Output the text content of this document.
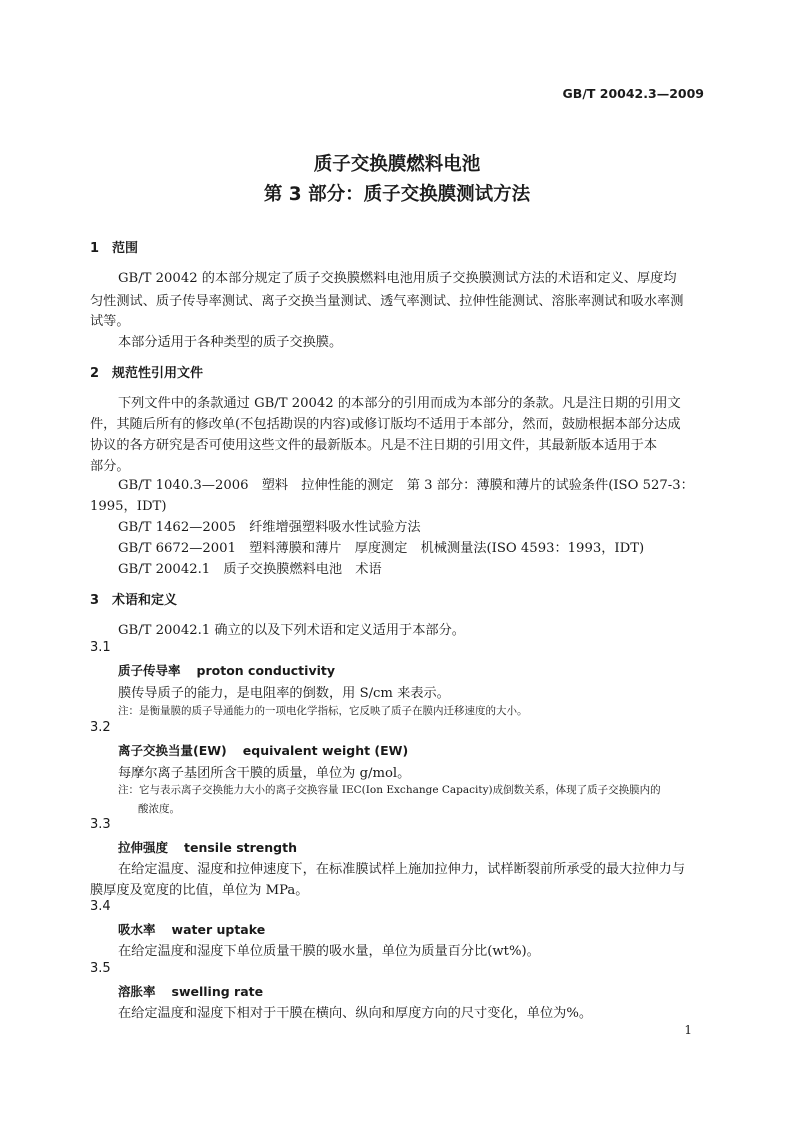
GB/T 20042.3—2009
质子交换膜燃料电池
第 3 部分：质子交换膜测试方法
1 范围
GB/T 20042 的本部分规定了质子交换膜燃料电池用质子交换膜测试方法的术语和定义、厚度均
匀性测试、质子传导率测试、离子交换当量测试、透气率测试、拉伸性能测试、溶胀率测试和吸水率测
试等。
本部分适用于各种类型的质子交换膜。
2 规范性引用文件
下列文件中的条款通过 GB/T 20042 的本部分的引用而成为本部分的条款。凡是注日期的引用文
件，其随后所有的修改单(不包括勘误的内容)或修订版均不适用于本部分，然而，鼓励根据本部分达成
协议的各方研究是否可使用这些文件的最新版本。凡是不注日期的引用文件，其最新版本适用于本
部分。
GB/T 1040.3—2006　塑料　拉伸性能的测定　第 3 部分：薄膜和薄片的试验条件(ISO 527-3：
1995，IDT)
GB/T 1462—2005　纤维增强塑料吸水性试验方法
GB/T 6672—2001　塑料薄膜和薄片　厚度测定　机械测量法(ISO 4593：1993，IDT)
GB/T 20042.1　质子交换膜燃料电池　术语
3 术语和定义
GB/T 20042.1 确立的以及下列术语和定义适用于本部分。
3.1
质子传导率 proton conductivity
膜传导质子的能力，是电阻率的倒数，用 S/cm 来表示。
注：是衡量膜的质子导通能力的一项电化学指标，它反映了质子在膜内迁移速度的大小。
3.2
离子交换当量(EW) equivalent weight (EW)
每摩尔离子基团所含干膜的质量，单位为 g/mol。
注：它与表示离子交换能力大小的离子交换容量 IEC(Ion Exchange Capacity)成倒数关系，体现了质子交换膜内的
酸浓度。
3.3
拉伸强度 tensile strength
在给定温度、湿度和拉伸速度下，在标准膜试样上施加拉伸力，试样断裂前所承受的最大拉伸力与
膜厚度及宽度的比值，单位为 MPa。
3.4
吸水率 water uptake
在给定温度和湿度下单位质量干膜的吸水量，单位为质量百分比(wt%)。
3.5
溶胀率 swelling rate
在给定温度和湿度下相对于干膜在横向、纵向和厚度方向的尺寸变化，单位为%。
1
